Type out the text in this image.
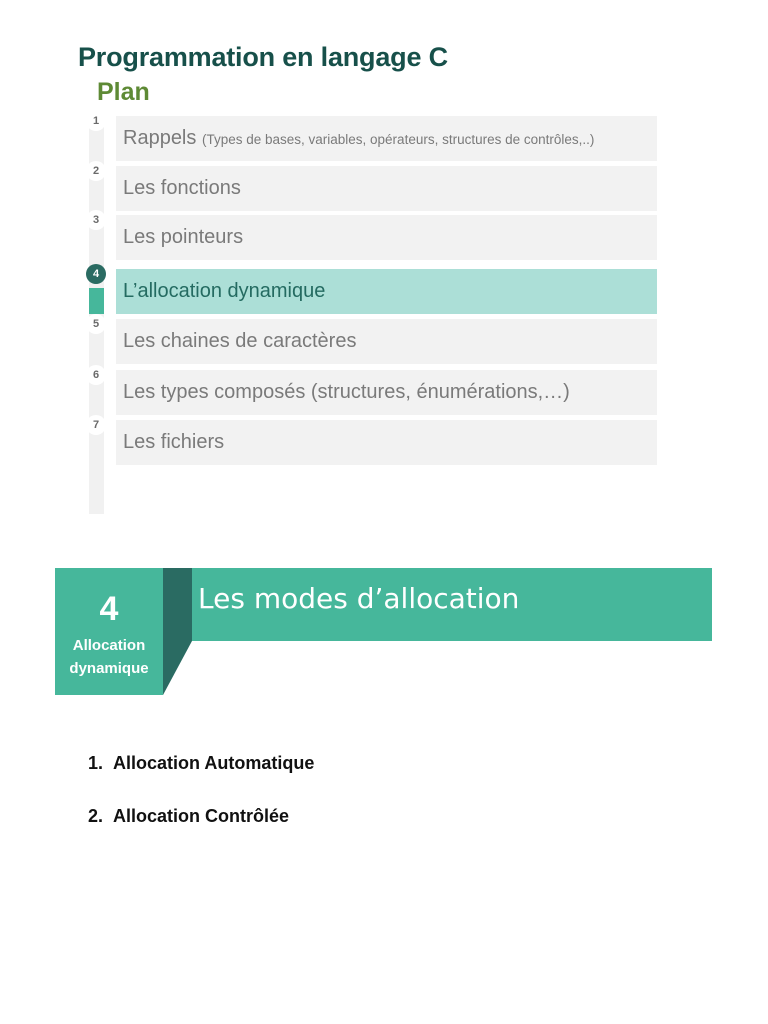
Programmation en langage C
Plan
1
Rappels (Types de bases, variables, opérateurs, structures de contrôles,..)
2
Les fonctions
3
Les pointeurs
4
L’allocation dynamique
5
Les chaines de caractères
6
Les types composés (structures, énumérations,…)
7
Les fichiers
4
Allocation
dynamique
Les modes d’allocation
1. Allocation Automatique
2. Allocation Contrôlée
